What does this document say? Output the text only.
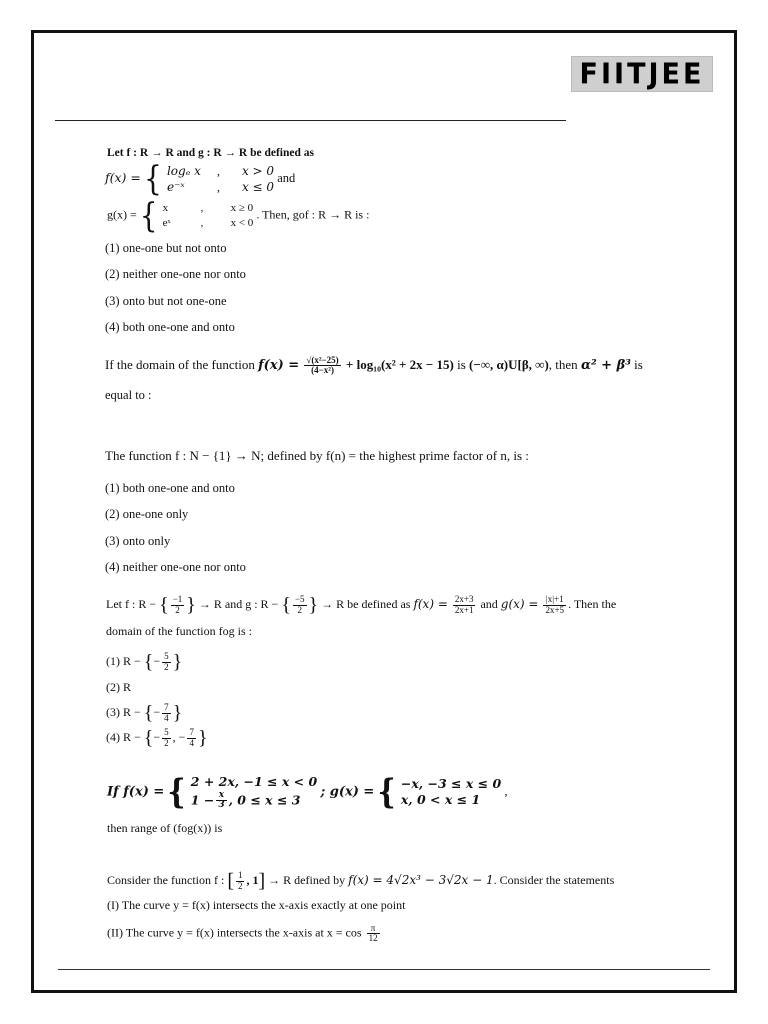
FIITJEE
Let f : R → R and g : R → R be defined as
f(x) = { logₑ x , x > 0
e⁻ˣ	, x ≤ 0
and
g(x) = { x	, x ≥ 0
eˣ	, x < 0
. Then, gof : R → R is :
(1) one-one but not onto
(2) neither one-one nor onto
(3) onto but not one-one
(4) both one-one and onto
If the domain of the function $f(x) = \frac{\text{√(x²−25)}}{\text{(4−x²)}} + \log_{10}(x^2 + 2x - 15)$ is (−∞, α)U[β, ∞), then α² + β³ is
equal to :
The function f : N − {1} → N; defined by f(n) = the highest prime factor of n, is :
(1) both one-one and onto
(2) one-one only
(3) onto only
(4) neither one-one nor onto
Let f : R − { $\frac{-1}{2}$ } → R and g : R − { $\frac{-5}{2}$ } → R be defined as $f(x) = \frac{2x+3}{2x+1}$ and $g(x) = \frac{|x|+1}{2x+5}$ . Then the
domain of the function fog is :
(1) R − {− $\frac{5}{2}$ }
(2) R
(3) R − {− $\frac{7}{4}$ }
(4) R − {− $\frac{5}{2}$ , − $\frac{7}{4}$ }
If f(x) = { 2 + 2x, −1 ≤ x < 0
$1 - \frac{x}{3}$ , 0 ≤ x ≤ 3
; g(x) = { −x, −3 ≤ x ≤ 0
x, 0 < x ≤ 1
,
then range of (fog(x)) is
Consider the function f : [ $\frac{1}{2}$ , 1] → R defined by f(x) = 4√2x³ − 3√2x − 1. Consider the statements
(I) The curve y = f(x) intersects the x-axis exactly at one point
(II) The curve y = f(x) intersects the x-axis at $x = \cos \frac{\pi}{12}$
